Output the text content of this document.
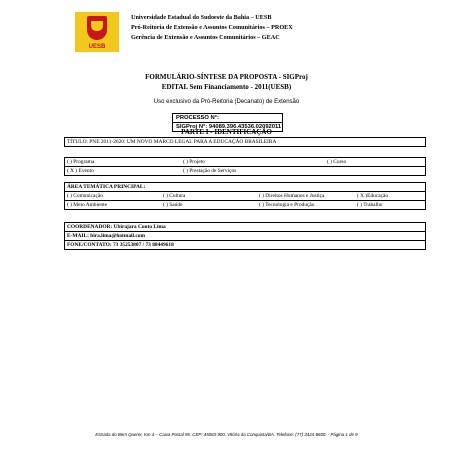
UESB
Universidade Estadual do Sudoeste da Bahia – UESB
Pró-Reitoria de Extensão e Assuntos Comunitários – PROEX
Gerência de Extensão e Assuntos Comunitários – GEAC
FORMULÁRIO-SÍNTESE DA PROPOSTA - SIGProj
EDITAL Sem Financiamento - 2011(UESB)
Uso exclusivo da Pró-Reitoria (Decanato) de Extensão
PROCESSO N°:
SIGProj N°: 94089.396.43536.02092011
PARTE I - IDENTIFICAÇÃO
TÍTULO: PNE 2011-2020: UM NOVO MARCO LEGAL PARA A EDUCAÇÃO BRASILEIRA
( ) Programa	( ) Projeto	( ) Curso
( X ) Evento	( ) Prestação de Serviços
ÁREA TEMÁTICA PRINCIPAL:
( ) Comunicação	( ) Cultura	( ) Direitos Humanos e Justiça	( X )Educação
( ) Meio Ambiente	( ) Saúde	( ) Tecnologia e Produção	( ) Trabalho
COORDENADOR: Ubirajara Couto Lima
E-MAIL: bira.lima@hotmail.com
FONE/CONTATO: 73 35253807 / 73 88449618
Estrada do Bem Querer, Km 4 – Caixa Postal 95. CEP: 45083-900. Vitória da Conquista/BA. Telefone: (77) 3424-8600. - Página 1 de 9
